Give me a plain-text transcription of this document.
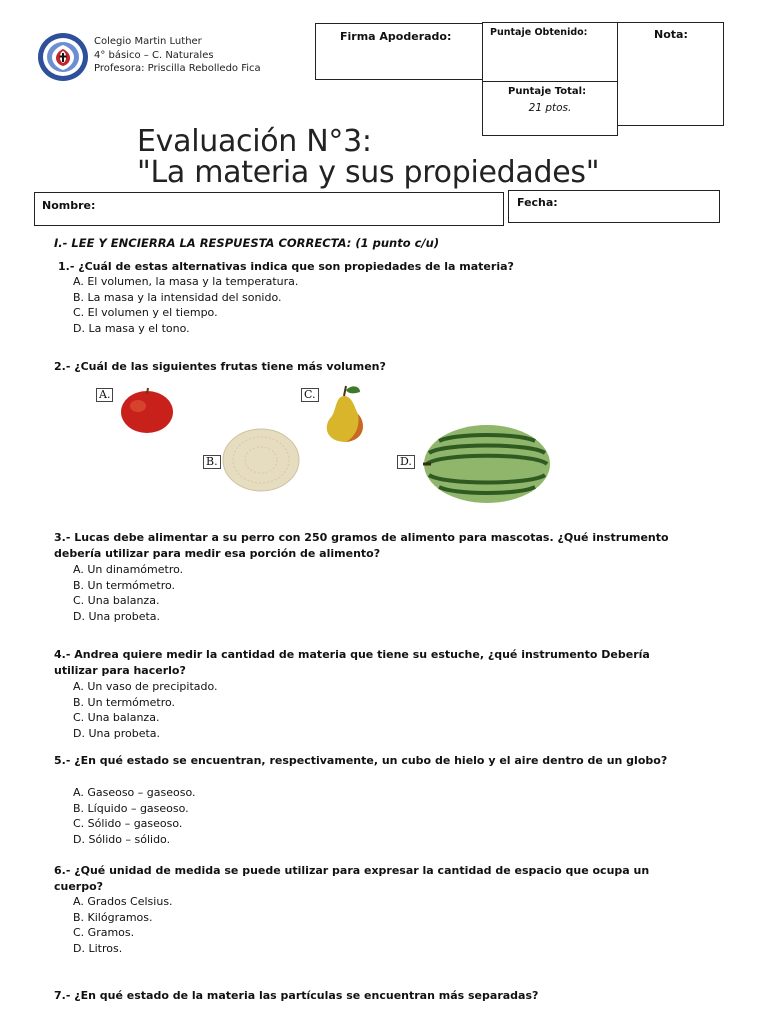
Colegio Martin Luther
4° básico – C. Naturales
Profesora: Priscilla Rebolledo Fica
Firma Apoderado:	Puntaje Obtenido:	Nota:
Puntaje Total:
21 ptos.
Evaluación N°3:
"La materia y sus propiedades"
Nombre:	Fecha:
I.- LEE Y ENCIERRA LA RESPUESTA CORRECTA: (1 punto c/u)
1.- ¿Cuál de estas alternativas indica que son propiedades de la materia?
A. El volumen, la masa y la temperatura.
B. La masa y la intensidad del sonido.
C. El volumen y el tiempo.
D. La masa y el tono.
2.- ¿Cuál de las siguientes frutas tiene más volumen?
A.	C.
B.	D.
3.- Lucas debe alimentar a su perro con 250 gramos de alimento para mascotas. ¿Qué instrumento debería utilizar para medir esa porción de alimento?
A. Un dinamómetro.
B. Un termómetro.
C. Una balanza.
D. Una probeta.
4.- Andrea quiere medir la cantidad de materia que tiene su estuche, ¿qué instrumento Debería utilizar para hacerlo?
A. Un vaso de precipitado.
B. Un termómetro.
C. Una balanza.
D. Una probeta.
5.- ¿En qué estado se encuentran, respectivamente, un cubo de hielo y el aire dentro de un globo?
A. Gaseoso – gaseoso.
B. Líquido – gaseoso.
C. Sólido – gaseoso.
D. Sólido – sólido.
6.- ¿Qué unidad de medida se puede utilizar para expresar la cantidad de espacio que ocupa un cuerpo?
A. Grados Celsius.
B. Kilógramos.
C. Gramos.
D. Litros.
7.- ¿En qué estado de la materia las partículas se encuentran más separadas?
